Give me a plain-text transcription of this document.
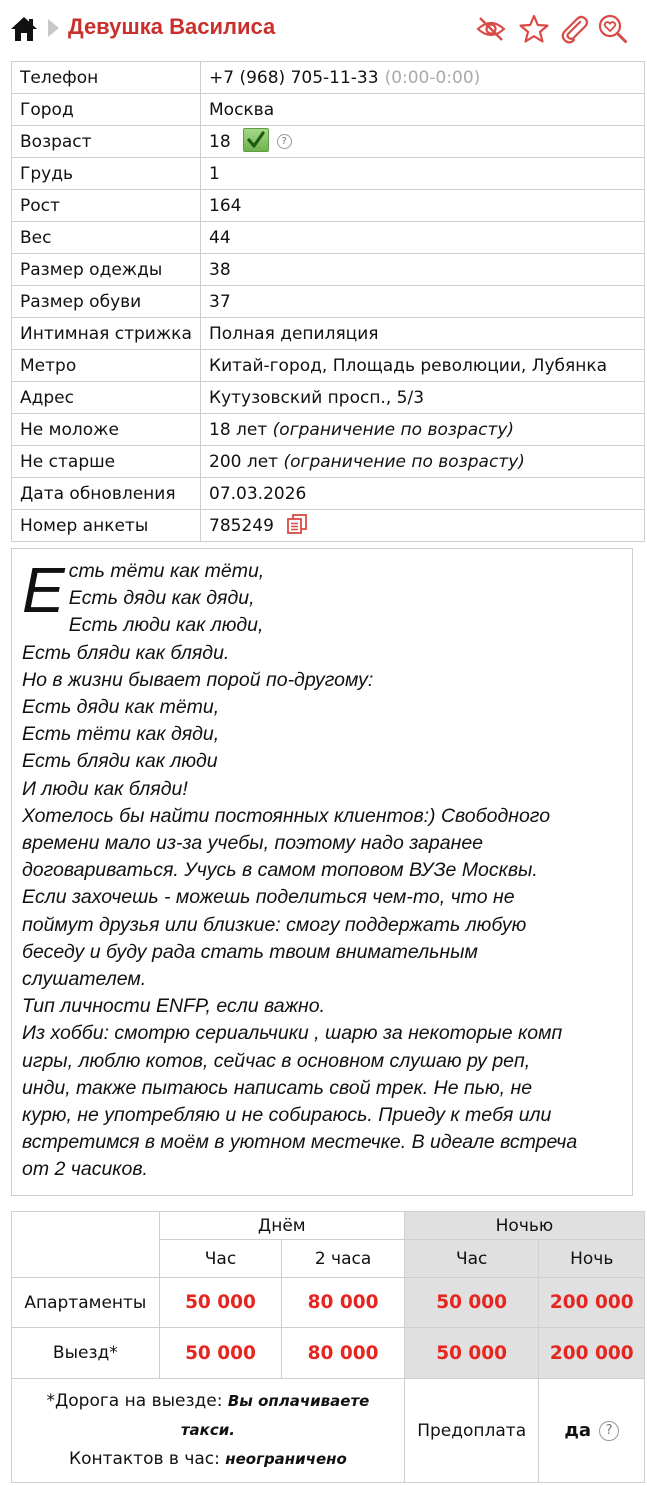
Девушка Василиса
Телефон	+7 (968) 705-11-33 (0:00-0:00)
Город	Москва
Возраст	18 ?
Грудь	1
Рост	164
Вес	44
Размер одежды	38
Размер обуви	37
Интимная стрижка	Полная депиляция
Метро	Китай-город, Площадь революции, Лубянка
Адрес	Кутузовский просп., 5/3
Не моложе	18 лет (ограничение по возрасту)
Не старше	200 лет (ограничение по возрасту)
Дата обновления	07.03.2026
Номер анкеты	785249
Е сть тёти как тёти,
Есть дяди как дяди,
Есть люди как люди,
Есть бляди как бляди.
Но в жизни бывает порой по-другому:
Есть дяди как тёти,
Есть тёти как дяди,
Есть бляди как люди
И люди как бляди!
Хотелось бы найти постоянных клиентов:) Свободного
времени мало из-за учебы, поэтому надо заранее
договариваться. Учусь в самом топовом ВУЗе Москвы.
Если захочешь - можешь поделиться чем-то, что не
поймут друзья или близкие: смогу поддержать любую
беседу и буду рада стать твоим внимательным
слушателем.
Тип личности ENFP, если важно.
Из хобби: смотрю сериальчики , шарю за некоторые комп
игры, люблю котов, сейчас в основном слушаю ру реп,
инди, также пытаюсь написать свой трек. Не пью, не
курю, не употребляю и не собираюсь. Приеду к тебя или
встретимся в моём в уютном местечке. В идеале встреча
от 2 часиков.
	Днём		Ночью	
	Час	2 часа	Час	Ночь
Апартаменты	50 000	80 000	50 000	200 000
Выезд*	50 000	80 000	50 000	200 000

*Дорога на выезде: Вы оплачиваете
такси.
Контактов в час: неограничено			Предоплата	да ?
